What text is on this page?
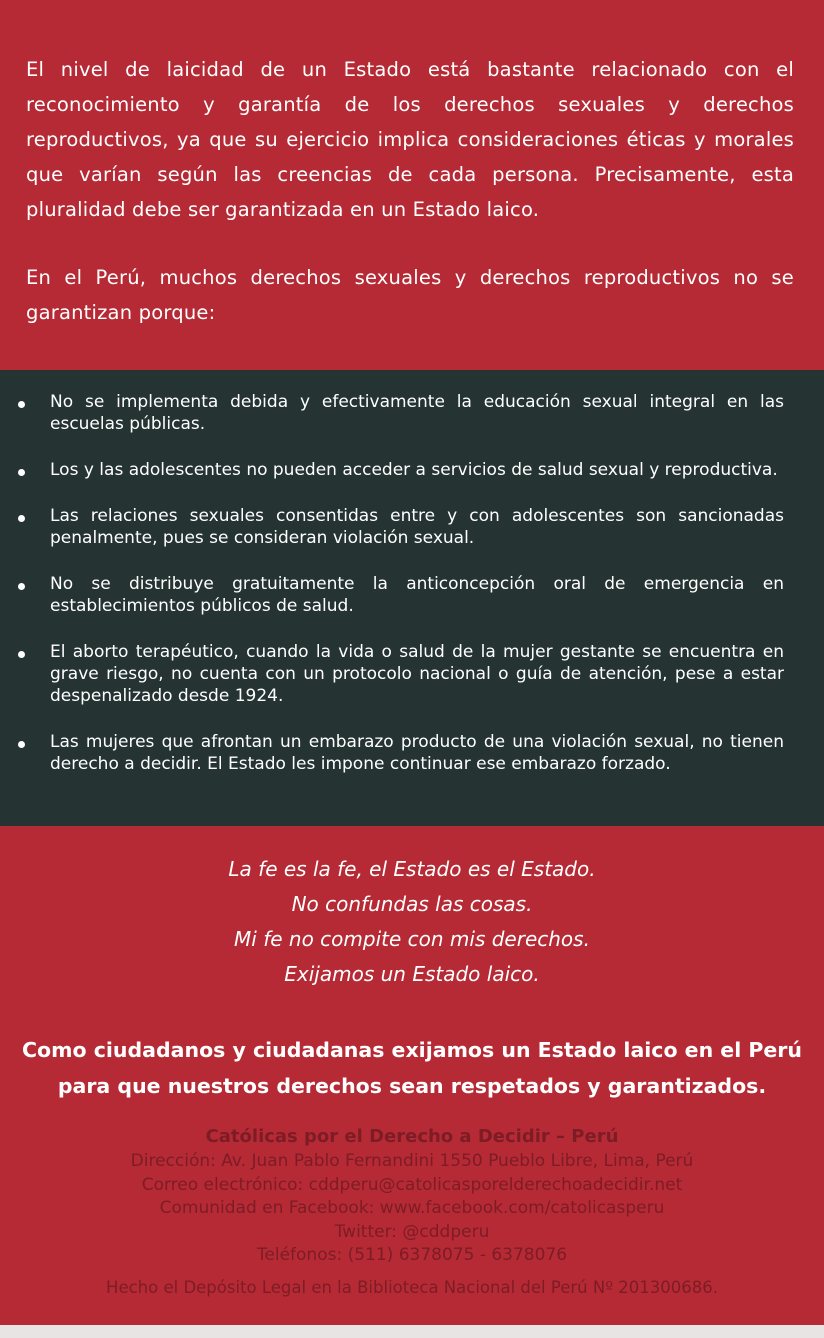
El nivel de laicidad de un Estado está bastante relacionado con el reconocimiento y garantía de los derechos sexuales y derechos reproductivos, ya que su ejercicio implica consideraciones éticas y morales que varían según las creencias de cada persona. Precisamente, esta pluralidad debe ser garantizada en un Estado laico.

En el Perú, muchos derechos sexuales y derechos reproductivos no se garantizan porque:

No se implementa debida y efectivamente la educación sexual integral en las escuelas públicas.
Los y las adolescentes no pueden acceder a servicios de salud sexual y reproductiva.
Las relaciones sexuales consentidas entre y con adolescentes son sancionadas penalmente, pues se consideran violación sexual.
No se distribuye gratuitamente la anticoncepción oral de emergencia en establecimientos públicos de salud.
El aborto terapéutico, cuando la vida o salud de la mujer gestante se encuentra en grave riesgo, no cuenta con un protocolo nacional o guía de atención, pese a estar despenalizado desde 1924.
Las mujeres que afrontan un embarazo producto de una violación sexual, no tienen derecho a decidir. El Estado les impone continuar ese embarazo forzado.
La fe es la fe, el Estado es el Estado.
No confundas las cosas.
Mi fe no compite con mis derechos.
Exijamos un Estado laico.
Como ciudadanos y ciudadanas exijamos un Estado laico en el Perú
para que nuestros derechos sean respetados y garantizados.
Católicas por el Derecho a Decidir – Perú
Dirección: Av. Juan Pablo Fernandini 1550 Pueblo Libre, Lima, Perú
Correo electrónico: cddperu@catolicasporelderechoadecidir.net
Comunidad en Facebook: www.facebook.com/catolicasperu
Twitter: @cddperu
Teléfonos: (511) 6378075 - 6378076
Hecho el Depósito Legal en la Biblioteca Nacional del Perú Nº 201300686.
